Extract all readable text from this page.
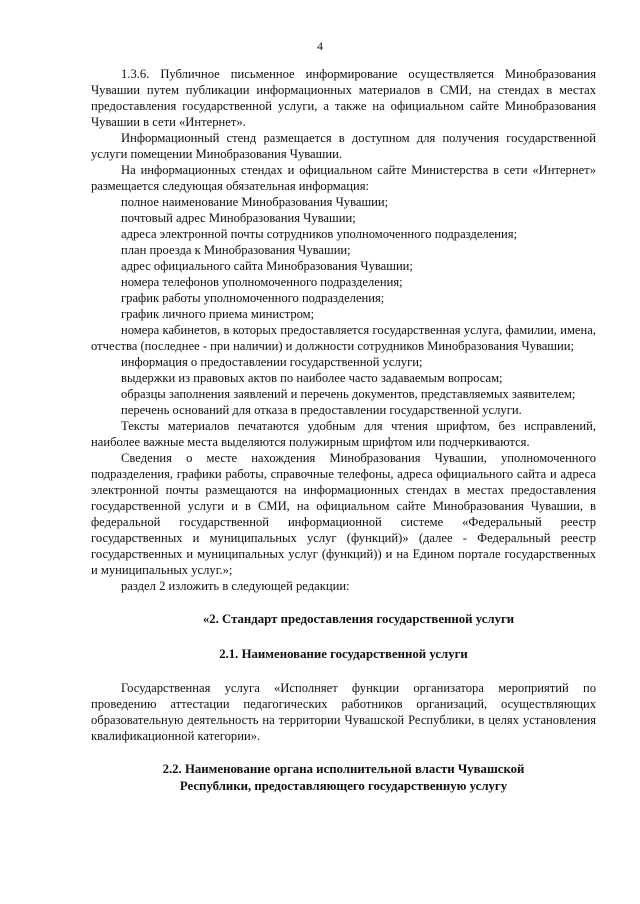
4

1.3.6. Публичное письменное информирование осуществляется Минобразования Чувашии путем публикации информационных материалов в СМИ, на стендах в местах предоставления государственной услуги, а также на официальном сайте Минобразования Чувашии в сети «Интернет».

Информационный стенд размещается в доступном для получения государственной услуги помещении Минобразования Чувашии.

На информационных стендах и официальном сайте Министерства в сети «Интернет» размещается следующая обязательная информация:

полное наименование Минобразования Чувашии;

почтовый адрес Минобразования Чувашии;

адреса электронной почты сотрудников уполномоченного подразделения;

план проезда к Минобразования Чувашии;

адрес официального сайта Минобразования Чувашии;

номера телефонов уполномоченного подразделения;

график работы уполномоченного подразделения;

график личного приема министром;

номера кабинетов, в которых предоставляется государственная услуга, фамилии, имена, отчества (последнее - при наличии) и должности сотрудников Минобразования Чувашии;

информация о предоставлении государственной услуги;

выдержки из правовых актов по наиболее часто задаваемым вопросам;

образцы заполнения заявлений и перечень документов, представляемых заявителем;

перечень оснований для отказа в предоставлении государственной услуги.

Тексты материалов печатаются удобным для чтения шрифтом, без исправлений, наиболее важные места выделяются полужирным шрифтом или подчеркиваются.

Сведения о месте нахождения Минобразования Чувашии, уполномоченного подразделения, графики работы, справочные телефоны, адреса официального сайта и адреса электронной почты размещаются на информационных стендах в местах предоставления государственной услуги и в СМИ, на официальном сайте Минобразования Чувашии, в федеральной государственной информационной системе «Федеральный реестр государственных и муниципальных услуг (функций)» (далее - Федеральный реестр государственных и муниципальных услуг (функций)) и на Едином портале государственных и муниципальных услуг.»;

раздел 2 изложить в следующей редакции:

«2. Стандарт предоставления государственной услуги

2.1. Наименование государственной услуги

Государственная услуга «Исполняет функции организатора мероприятий по проведению аттестации педагогических работников организаций, осуществляющих образовательную деятельность на территории Чувашской Республики, в целях установления квалификационной категории».

2.2. Наименование органа исполнительной власти Чувашской
Республики, предоставляющего государственную услугу
